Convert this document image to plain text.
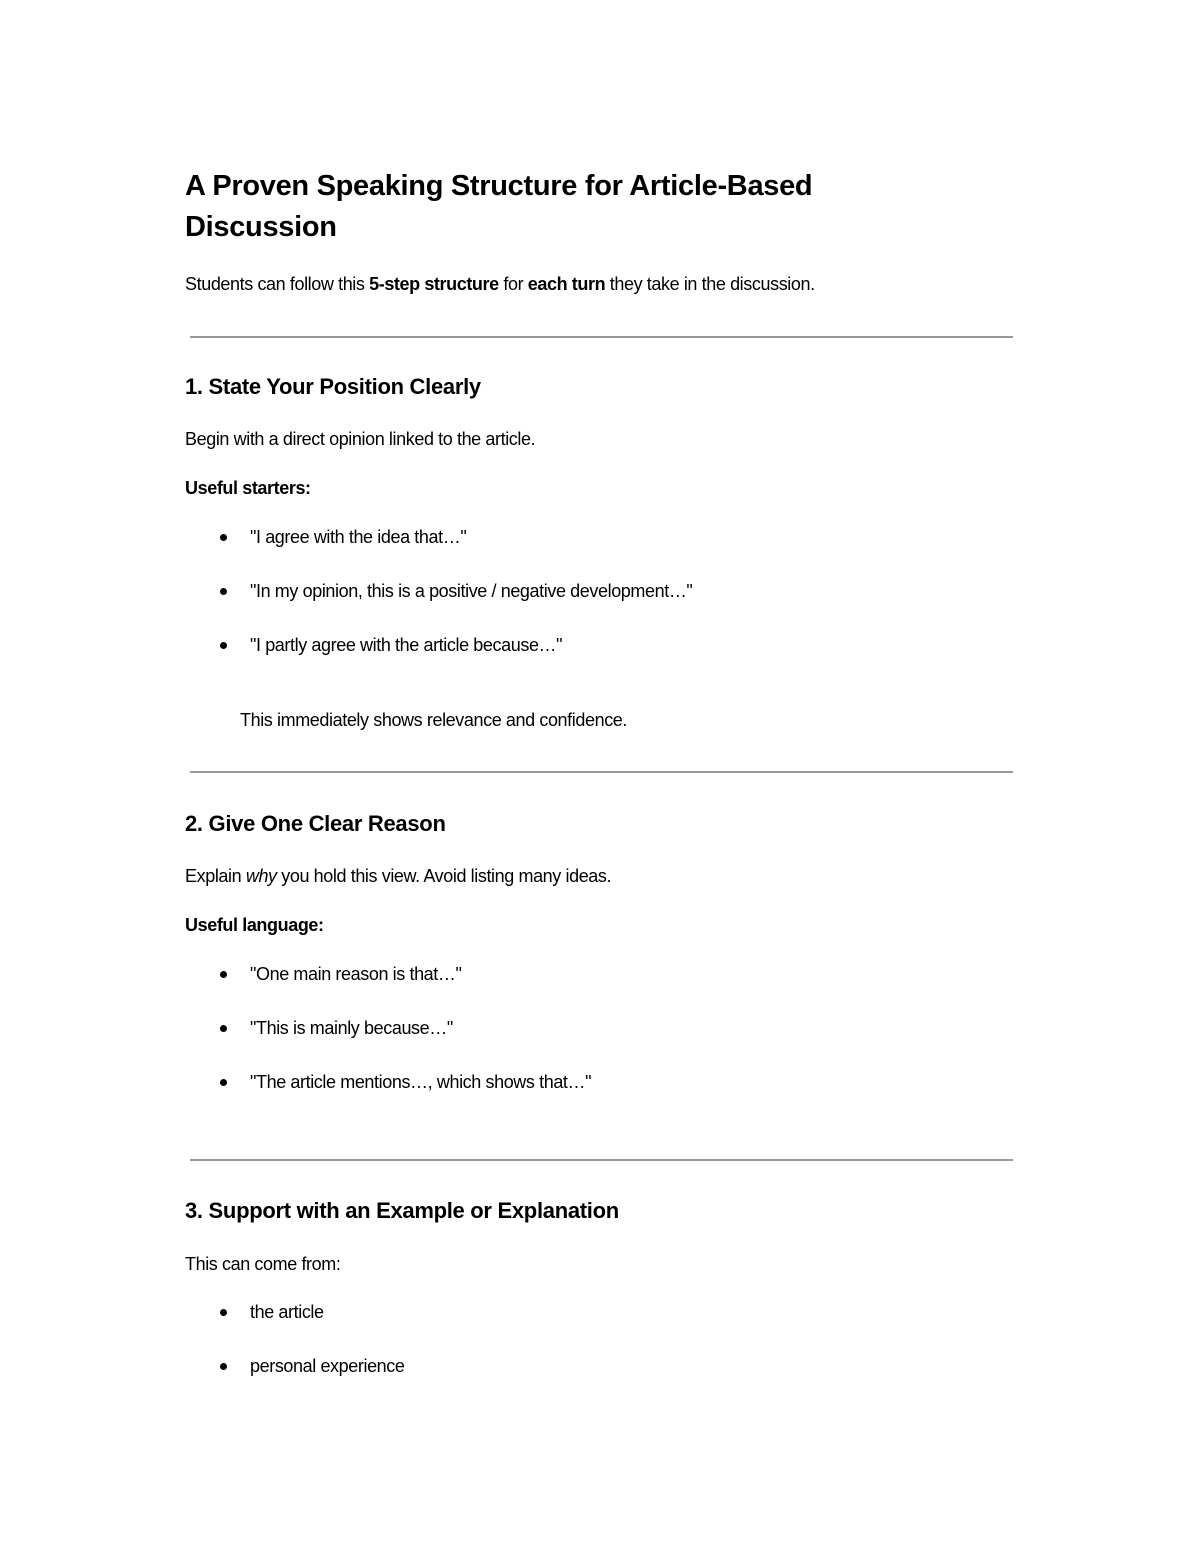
A Proven Speaking Structure for Article-Based Discussion

Students can follow this 5-step structure for each turn they take in the discussion.

1. State Your Position Clearly

Begin with a direct opinion linked to the article.

Useful starters:

"I agree with the idea that…"
"In my opinion, this is a positive / negative development…"
"I partly agree with the article because…"

This immediately shows relevance and confidence.

2. Give One Clear Reason

Explain why you hold this view. Avoid listing many ideas.

Useful language:

"One main reason is that…"
"This is mainly because…"
"The article mentions…, which shows that…"
3. Support with an Example or Explanation

This can come from:

the article
personal experience
